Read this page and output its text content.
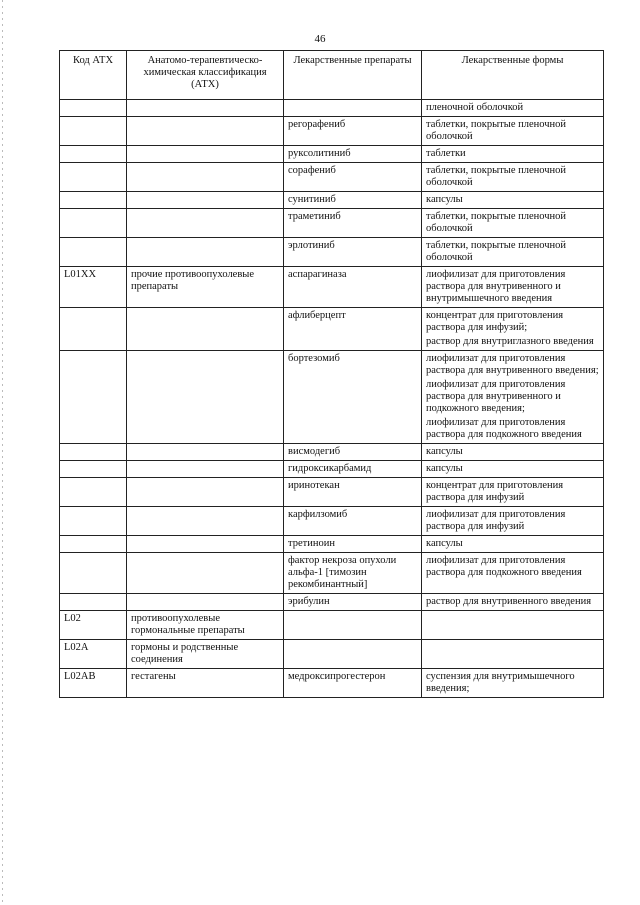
46
Код АТХ	Анатомо-терапевтическо-химическая классификация (АТХ)	Лекарственные препараты	Лекарственные формы

			пленочной оболочкой

		регорафениб	таблетки, покрытые пленочной оболочкой

		руксолитиниб	таблетки

		сорафениб	таблетки, покрытые пленочной оболочкой

		сунитиниб	капсулы

		траметиниб	таблетки, покрытые пленочной оболочкой

		эрлотиниб	таблетки, покрытые пленочной оболочкой

L01XX	прочие противоопухолевые препараты	аспарагиназа	лиофилизат для приготовления раствора для внутривенного и внутримышечного введения

		афлиберцепт	концентрат для приготовления раствора для инфузий;
раствор для внутриглазного введения

		бортезомиб	лиофилизат для приготовления раствора для внутривенного введения;
лиофилизат для приготовления раствора для внутривенного и подкожного введения;
лиофилизат для приготовления раствора для подкожного введения

		висмодегиб	капсулы

		гидроксикарбамид	капсулы

		иринотекан	концентрат для приготовления раствора для инфузий

		карфилзомиб	лиофилизат для приготовления раствора для инфузий

		третиноин	капсулы

		фактор некроза опухоли альфа-1 [тимозин рекомбинантный]	лиофилизат для приготовления раствора для подкожного введения

		эрибулин	раствор для внутривенного введения

L02	противоопухолевые гормональные препараты		

L02A	гормоны и родственные соединения		

L02AB	гестагены	медроксипрогестерон	суспензия для внутримышечного введения;
